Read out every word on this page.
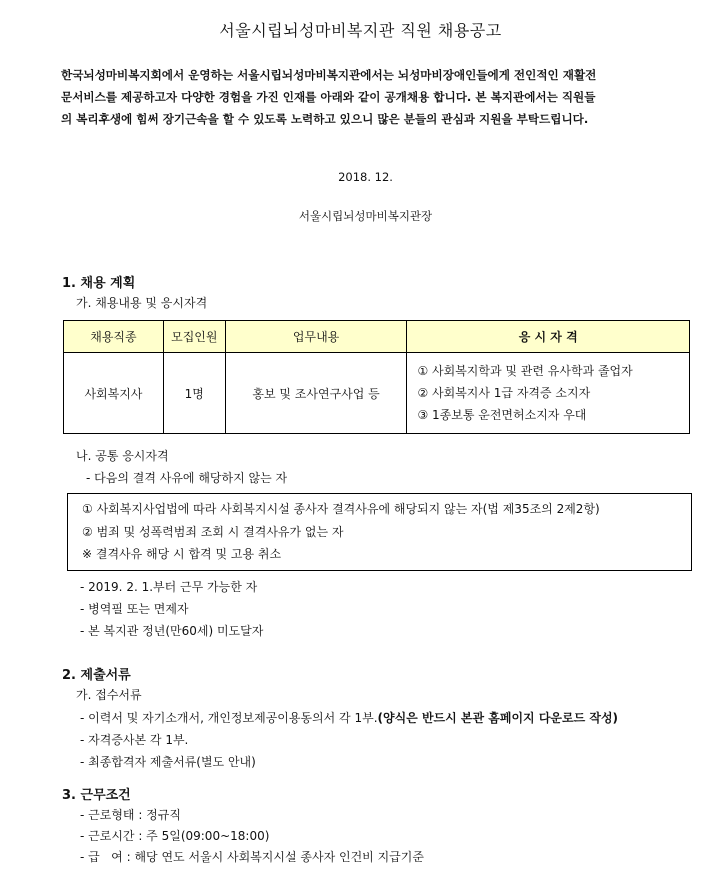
서울시립뇌성마비복지관 직원 채용공고
한국뇌성마비복지회에서 운영하는 서울시립뇌성마비복지관에서는 뇌성마비장애인들에게 전인적인 재활전
문서비스를 제공하고자 다양한 경험을 가진 인재를 아래와 같이 공개채용 합니다. 본 복지관에서는 직원들
의 복리후생에 힘써 장기근속을 할 수 있도록 노력하고 있으니 많은 분들의 관심과 지원을 부탁드립니다.
2018. 12.
서울시립뇌성마비복지관장
1. 채용 계획
가. 채용내용 및 응시자격
채용직종	모집인원	업무내용	응 시 자 격
사회복지사	1명	홍보 및 조사연구사업 등	① 사회복지학과 및 관련 유사학과 졸업자
② 사회복지사 1급 자격증 소지자
③ 1종보통 운전면허소지자 우대
나. 공통 응시자격
- 다음의 결격 사유에 해당하지 않는 자
① 사회복지사업법에 따라 사회복지시설 종사자 결격사유에 해당되지 않는 자(법 제35조의 2제2항)
② 범죄 및 성폭력범죄 조회 시 결격사유가 없는 자
※ 결격사유 해당 시 합격 및 고용 취소
- 2019. 2. 1.부터 근무 가능한 자
- 병역필 또는 면제자
- 본 복지관 정년(만60세) 미도달자
2. 제출서류
가. 접수서류
- 이력서 및 자기소개서, 개인정보제공이용동의서 각 1부.(양식은 반드시 본관 홈페이지 다운로드 작성)
- 자격증사본 각 1부.
- 최종합격자 제출서류(별도 안내)
3. 근무조건
- 근로형태 : 정규직
- 근로시간 : 주 5일(09:00~18:00)
- 급   여 : 해당 연도 서울시 사회복지시설 종사자 인건비 지급기준
